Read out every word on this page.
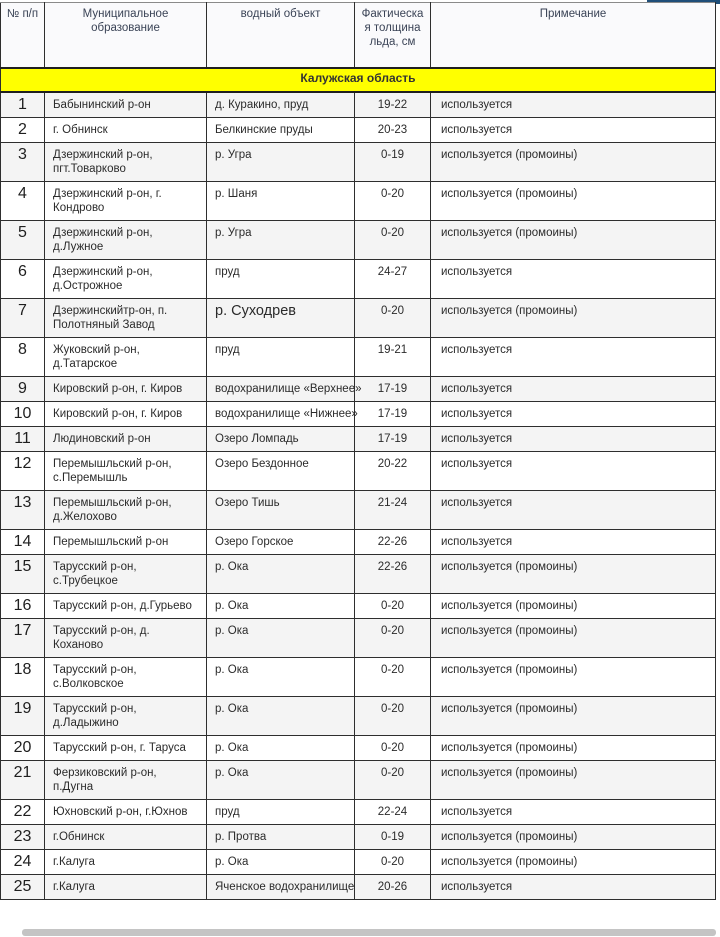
№ п/п	Муниципальное образование	водный объект	Фактическая толщина льда, см	Примечание
Калужская область				
1	Бабынинский р-он	д. Куракино, пруд	19-22	используется
2	г. Обнинск	Белкинские пруды	20-23	используется
3	Дзержинский р-он, пгт.Товарково	р. Угра	0-19	используется (промоины)
4	Дзержинский р-он, г. Кондрово	р. Шаня	0-20	используется (промоины)
5	Дзержинский р-он, д.Лужное	р. Угра	0-20	используется (промоины)
6	Дзержинский р-он, д.Острожное	пруд	24-27	используется
7	Дзержинскийтр-он, п. Полотняный Завод	р. Суходрев	0-20	используется (промоины)
8	Жуковский р-он, д.Татарское	пруд	19-21	используется
9	Кировский р-он, г. Киров	водохранилище «Верхнее»	17-19	используется
10	Кировский р-он, г. Киров	водохранилище «Нижнее»	17-19	используется
11	Людиновский р-он	Озеро Ломпадь	17-19	используется
12	Перемышльский р-он, с.Перемышль	Озеро Бездонное	20-22	используется
13	Перемышльский р-он, д.Желохово	Озеро Тишь	21-24	используется
14	Перемышльский р-он	Озеро Горское	22-26	используется
15	Тарусский р-он, с.Трубецкое	р. Ока	22-26	используется (промоины)
16	Тарусский р-он, д.Гурьево	р. Ока	0-20	используется (промоины)
17	Тарусский р-он, д. Коханово	р. Ока	0-20	используется (промоины)
18	Тарусский р-он, с.Волковское	р. Ока	0-20	используется (промоины)
19	Тарусский р-он, д.Ладыжино	р. Ока	0-20	используется (промоины)
20	Тарусский р-он, г. Таруса	р. Ока	0-20	используется (промоины)
21	Ферзиковский р-он, п.Дугна	р. Ока	0-20	используется (промоины)
22	Юхновский р-он, г.Юхнов	пруд	22-24	используется
23	г.Обнинск	р. Протва	0-19	используется (промоины)
24	г.Калуга	р. Ока	0-20	используется (промоины)
25	г.Калуга	Яченское водохранилище	20-26	используется
